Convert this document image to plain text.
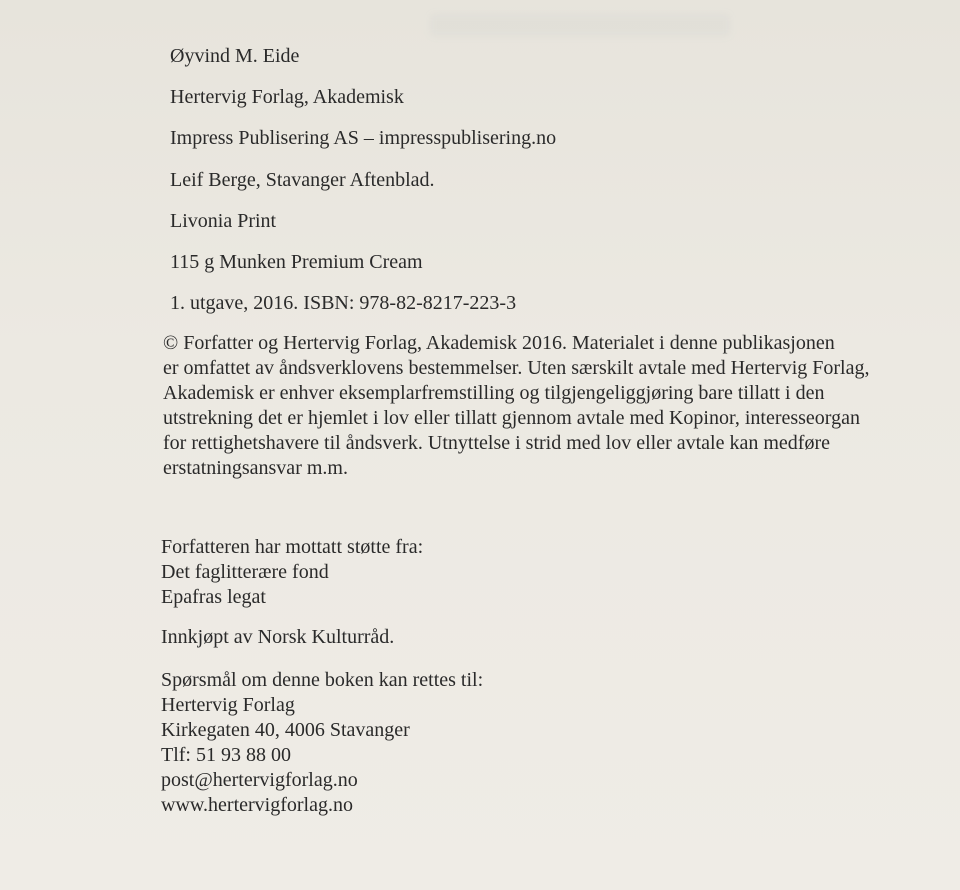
Øyvind M. Eide
Hertervig Forlag, Akademisk
Impress Publisering AS – impresspublisering.no
Leif Berge, Stavanger Aftenblad.
Livonia Print
115 g Munken Premium Cream
1. utgave, 2016. ISBN: 978-82-8217-223-3
© Forfatter og Hertervig Forlag, Akademisk 2016. Materialet i denne publikasjonen
er omfattet av åndsverklovens bestemmelser. Uten særskilt avtale med Hertervig Forlag,
Akademisk er enhver eksemplarfremstilling og tilgjengeliggjøring bare tillatt i den
utstrekning det er hjemlet i lov eller tillatt gjennom avtale med Kopinor, interesseorgan
for rettighetshavere til åndsverk. Utnyttelse i strid med lov eller avtale kan medføre
erstatningsansvar m.m.
Forfatteren har mottatt støtte fra:
Det faglitterære fond
Epafras legat
Innkjøpt av Norsk Kulturråd.
Spørsmål om denne boken kan rettes til:
Hertervig Forlag
Kirkegaten 40, 4006 Stavanger
Tlf: 51 93 88 00
post@hertervigforlag.no
www.hertervigforlag.no
